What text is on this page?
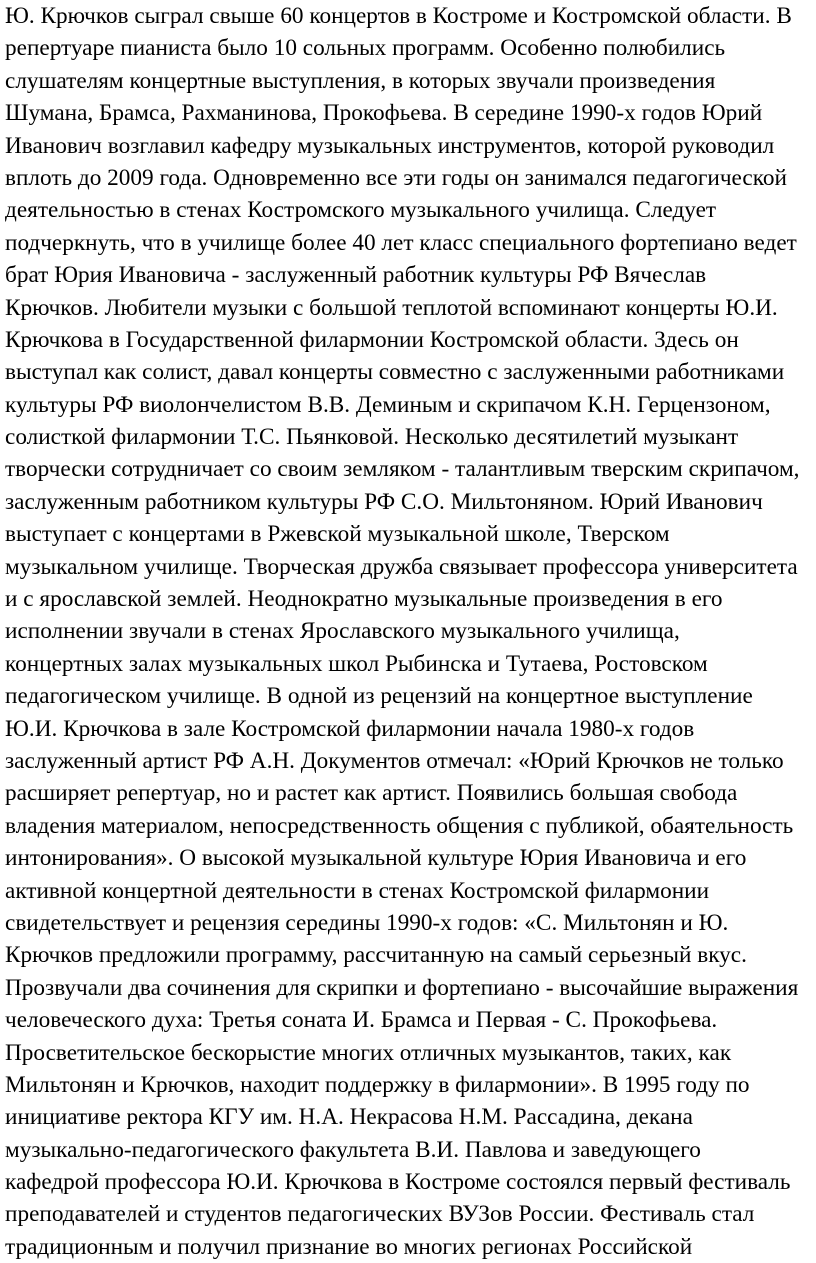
Ю. Крючков сыграл свыше 60 концертов в Костроме и Костромской области. В
репертуаре пианиста было 10 сольных программ. Особенно полюбились
слушателям концертные выступления, в которых звучали произведения
Шумана, Брамса, Рахманинова, Прокофьева. В середине 1990-х годов Юрий
Иванович возглавил кафедру музыкальных инструментов, которой руководил
вплоть до 2009 года. Одновременно все эти годы он занимался педагогической
деятельностью в стенах Костромского музыкального училища. Следует
подчеркнуть, что в училище более 40 лет класс специального фортепиано ведет
брат Юрия Ивановича - заслуженный работник культуры РФ Вячеслав
Крючков. Любители музыки с большой теплотой вспоминают концерты Ю.И.
Крючкова в Государственной филармонии Костромской области. Здесь он
выступал как солист, давал концерты совместно с заслуженными работниками
культуры РФ виолончелистом В.В. Деминым и скрипачом К.Н. Герцензоном,
солисткой филармонии Т.С. Пьянковой. Несколько десятилетий музыкант
творчески сотрудничает со своим земляком - талантливым тверским скрипачом,
заслуженным работником культуры РФ С.О. Мильтоняном. Юрий Иванович
выступает с концертами в Ржевской музыкальной школе, Тверском
музыкальном училище. Творческая дружба связывает профессора университета
и с ярославской землей. Неоднократно музыкальные произведения в его
исполнении звучали в стенах Ярославского музыкального училища,
концертных залах музыкальных школ Рыбинска и Тутаева, Ростовском
педагогическом училище. В одной из рецензий на концертное выступление
Ю.И. Крючкова в зале Костромской филармонии начала 1980-х годов
заслуженный артист РФ А.Н. Документов отмечал: «Юрий Крючков не только
расширяет репертуар, но и растет как артист. Появились большая свобода
владения материалом, непосредственность общения с публикой, обаятельность
интонирования». О высокой музыкальной культуре Юрия Ивановича и его
активной концертной деятельности в стенах Костромской филармонии
свидетельствует и рецензия середины 1990-х годов: «С. Мильтонян и Ю.
Крючков предложили программу, рассчитанную на самый серьезный вкус.
Прозвучали два сочинения для скрипки и фортепиано - высочайшие выражения
человеческого духа: Третья соната И. Брамса и Первая - С. Прокофьева.
Просветительское бескорыстие многих отличных музыкантов, таких, как
Мильтонян и Крючков, находит поддержку в филармонии». В 1995 году по
инициативе ректора КГУ им. Н.А. Некрасова Н.М. Рассадина, декана
музыкально-педагогического факультета В.И. Павлова и заведующего
кафедрой профессора Ю.И. Крючкова в Костроме состоялся первый фестиваль
преподавателей и студентов педагогических ВУЗов России. Фестиваль стал
традиционным и получил признание во многих регионах Российской
